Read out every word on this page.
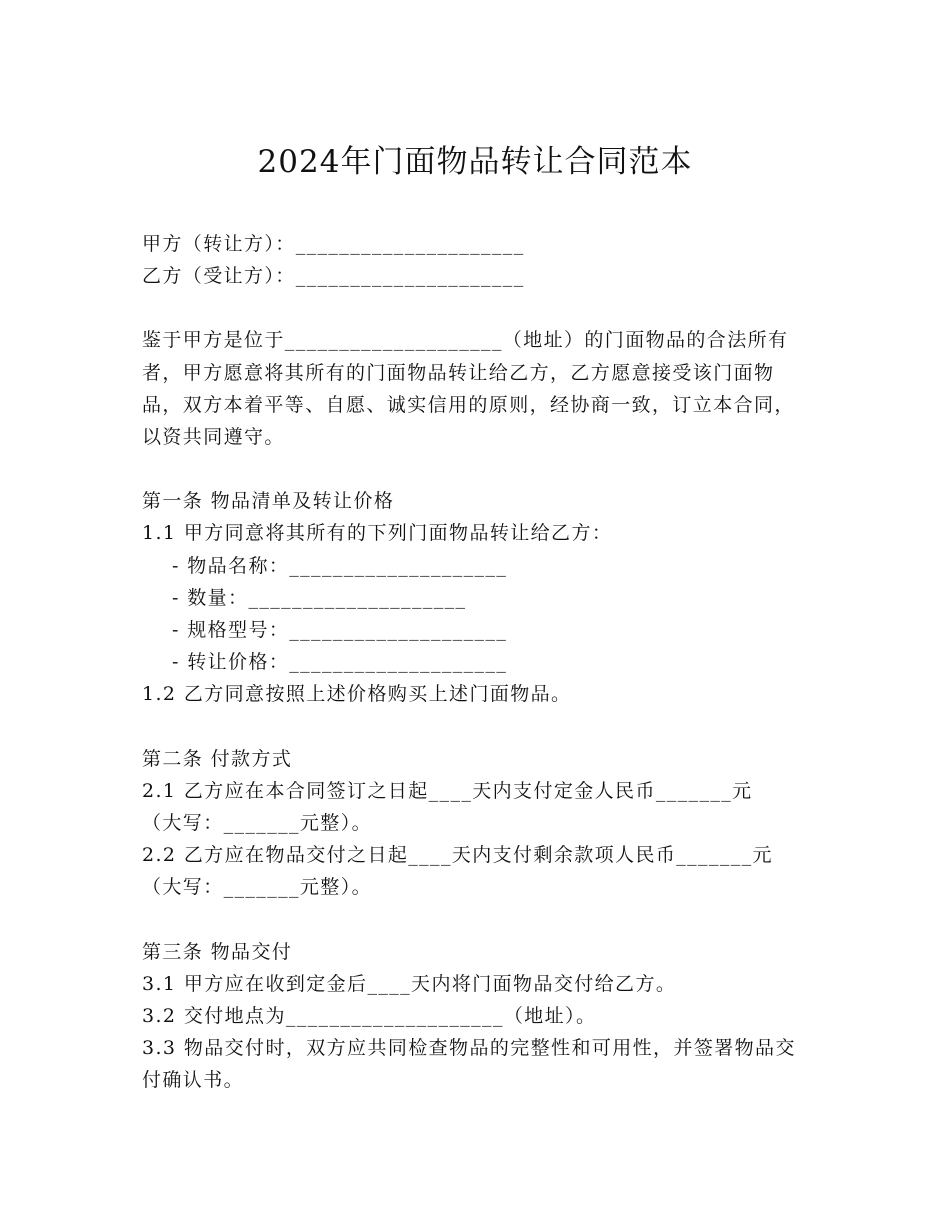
2024年门面物品转让合同范本

甲方（转让方）：_____________________

乙方（受让方）：_____________________

鉴于甲方是位于____________________（地址）的门面物品的合法所有者，甲方愿意将其所有的门面物品转让给乙方，乙方愿意接受该门面物品，双方本着平等、自愿、诚实信用的原则，经协商一致，订立本合同，以资共同遵守。

第一条 物品清单及转让价格

1.1 甲方同意将其所有的下列门面物品转让给乙方：

- 物品名称：____________________

- 数量：____________________

- 规格型号：____________________

- 转让价格：____________________

1.2 乙方同意按照上述价格购买上述门面物品。

第二条 付款方式

2.1 乙方应在本合同签订之日起____天内支付定金人民币_______元

（大写：_______元整）。

2.2 乙方应在物品交付之日起____天内支付剩余款项人民币_______元

（大写：_______元整）。

第三条 物品交付

3.1 甲方应在收到定金后____天内将门面物品交付给乙方。

3.2 交付地点为____________________（地址）。

3.3 物品交付时，双方应共同检查物品的完整性和可用性，并签署物品交付确认书。
